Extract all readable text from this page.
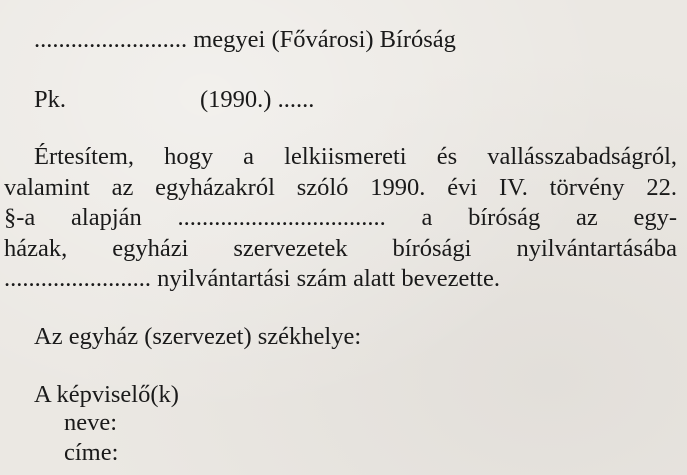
......................... megyei (Fővárosi) Bíróság
Pk.	(1990.) ......
Értesítem, hogy a lelkiismereti és vallásszabadságról,
valamint az egyházakról szóló 1990. évi IV. törvény 22.
§-a alapján .................................. a bíróság az egy-
házak, egyházi szervezetek bírósági nyilvántartásába
........................ nyilvántartási szám alatt bevezette.
Az egyház (szervezet) székhelye:
A képviselő(k)
neve:
címe:
